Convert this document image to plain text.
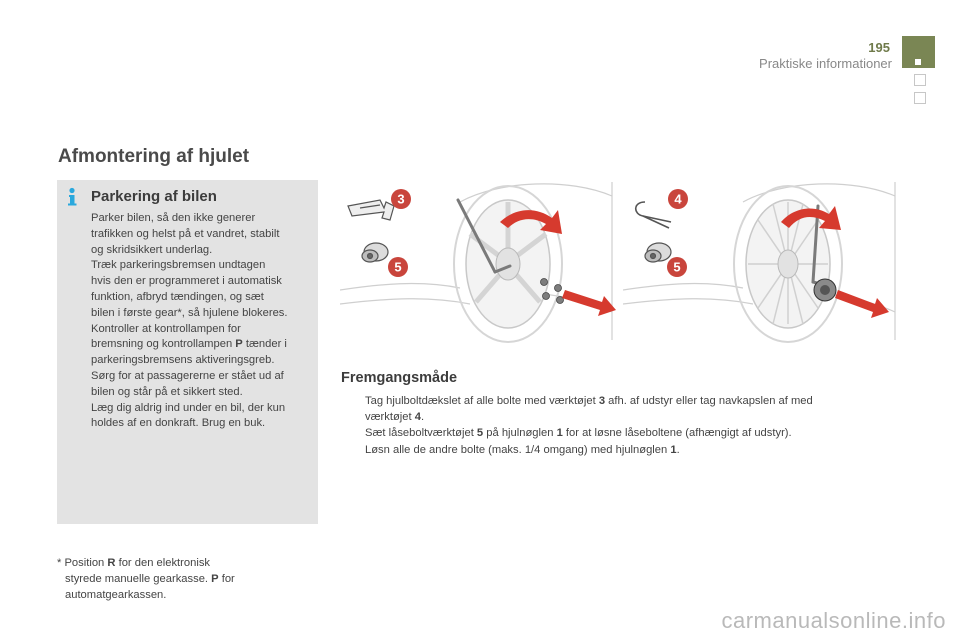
195
Praktiske informationer
Afmontering af hjulet
Parkering af bilen
Parker bilen, så den ikke generer
trafikken og helst på et vandret, stabilt
og skridsikkert underlag.
Træk parkeringsbremsen undtagen
hvis den er programmeret i automatisk
funktion, afbryd tændingen, og sæt
bilen i første gear*, så hjulene blokeres.
Kontroller at kontrollampen for
bremsning og kontrollampen P tænder i
parkeringsbremsens aktiveringsgreb.
Sørg for at passagererne er stået ud af
bilen og står på et sikkert sted.
Læg dig aldrig ind under en bil, der kun
holdes af en donkraft. Brug en buk.
* Position R for den elektronisk
styrede manuelle gearkasse. P for
automatgearkassen.
3
5
4
5
Fremgangsmåde
Tag hjulboltdækslet af alle bolte med værktøjet 3 afh. af udstyr eller tag navkapslen af med
værktøjet 4.
Sæt låseboltværktøjet 5 på hjulnøglen 1 for at løsne låseboltene (afhængigt af udstyr).
Løsn alle de andre bolte (maks. 1/4 omgang) med hjulnøglen 1.
carmanualsonline.info
